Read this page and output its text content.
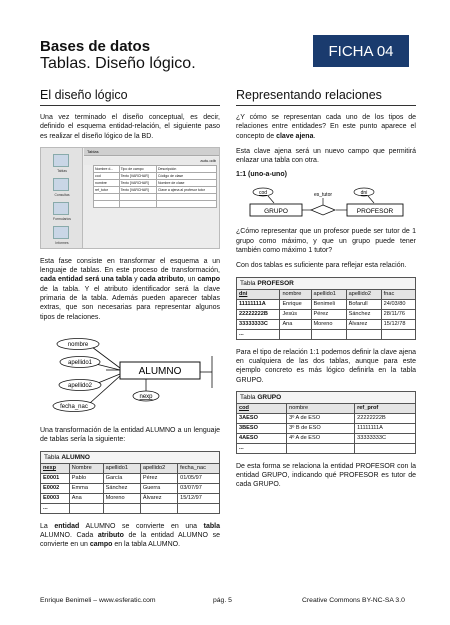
Bases de datos
Tablas. Diseño lógico.
FICHA 04
El diseño lógico

Una vez terminado el diseño conceptual, es decir, definido el esquema entidad-relación, el siguiente paso es realizar el diseño lógico de la BD.

Tablas
Consultas
Formularios
Informes
Tablas
autu.odb
Nombre d...	Tipo de campo	Descripción
cod	Texto [VARCHAR]	Código de clase
nombre	Texto [VARCHAR]	Nombre de clase
ref_tutor	Texto [VARCHAR]	Clave a ajena al profesor tutor

Esta fase consiste en transformar el esquema a un lenguaje de tablas. En este proceso de transformación, cada entidad será una tabla y cada atributo, un campo de la tabla. Y el atributo identificador será la clave primaria de la tabla. Además pueden aparecer tablas extras, que son necesarias para representar algunos tipos de relaciones.

ALUMNO
nombre
apellido1
apellido2
fecha_nac
nexp

Una transformación de la entidad ALUMNO a un lenguaje de tablas sería la siguiente:

Tabla ALUMNO
nexp	Nombre	apellido1	apellido2	fecha_nac
E0001	Pablo	García	Pérez	01/05/97
E0002	Emma	Sánchez	Guerra	03/07/97
E0003	Ana	Moreno	Álvarez	15/12/97
...				

La entidad ALUMNO se convierte en una tabla ALUMNO. Cada atributo de la entidad ALUMNO se convierte en un campo en la tabla ALUMNO.

Representando relaciones

¿Y cómo se representan cada uno de los tipos de relaciones entre entidades? En este punto aparece el concepto de clave ajena.

Esta clave ajena será un nuevo campo que permitirá enlazar una tabla con otra.

1:1 (uno-a-uno)
cod	dni
es_tutor
GRUPO	PROFESOR

¿Cómo representar que un profesor puede ser tutor de 1 grupo como máximo, y que un grupo puede tener también como máximo 1 tutor?

Con dos tablas es suficiente para reflejar esta relación.

Tabla PROFESOR
dni	nombre	apellido1	apellido2	fnac
11111111A	Enrique	Benimeli	Bofarull	24/03/80
22222222B	Jesús	Pérez	Sánchez	28/11/76
33333333C	Ana	Moreno	Álvarez	15/12/78
...				

Para el tipo de relación 1:1 podemos definir la clave ajena en cualquiera de las dos tablas, aunque para este ejemplo concreto es más lógico definirla en la tabla GRUPO.

Tabla GRUPO
cod	nombre	ref_prof
3AESO	3º A de ESO	22222222B
3BESO	3º B de ESO	11111111A
4AESO	4º A de ESO	33333333C
...		

De esta forma se relaciona la entidad PROFESOR con la entidad GRUPO, indicando qué PROFESOR es tutor de cada GRUPO.

Enrique Benimeli – www.esferatic.com	pág. 5	Creative Commons BY-NC-SA 3.0
